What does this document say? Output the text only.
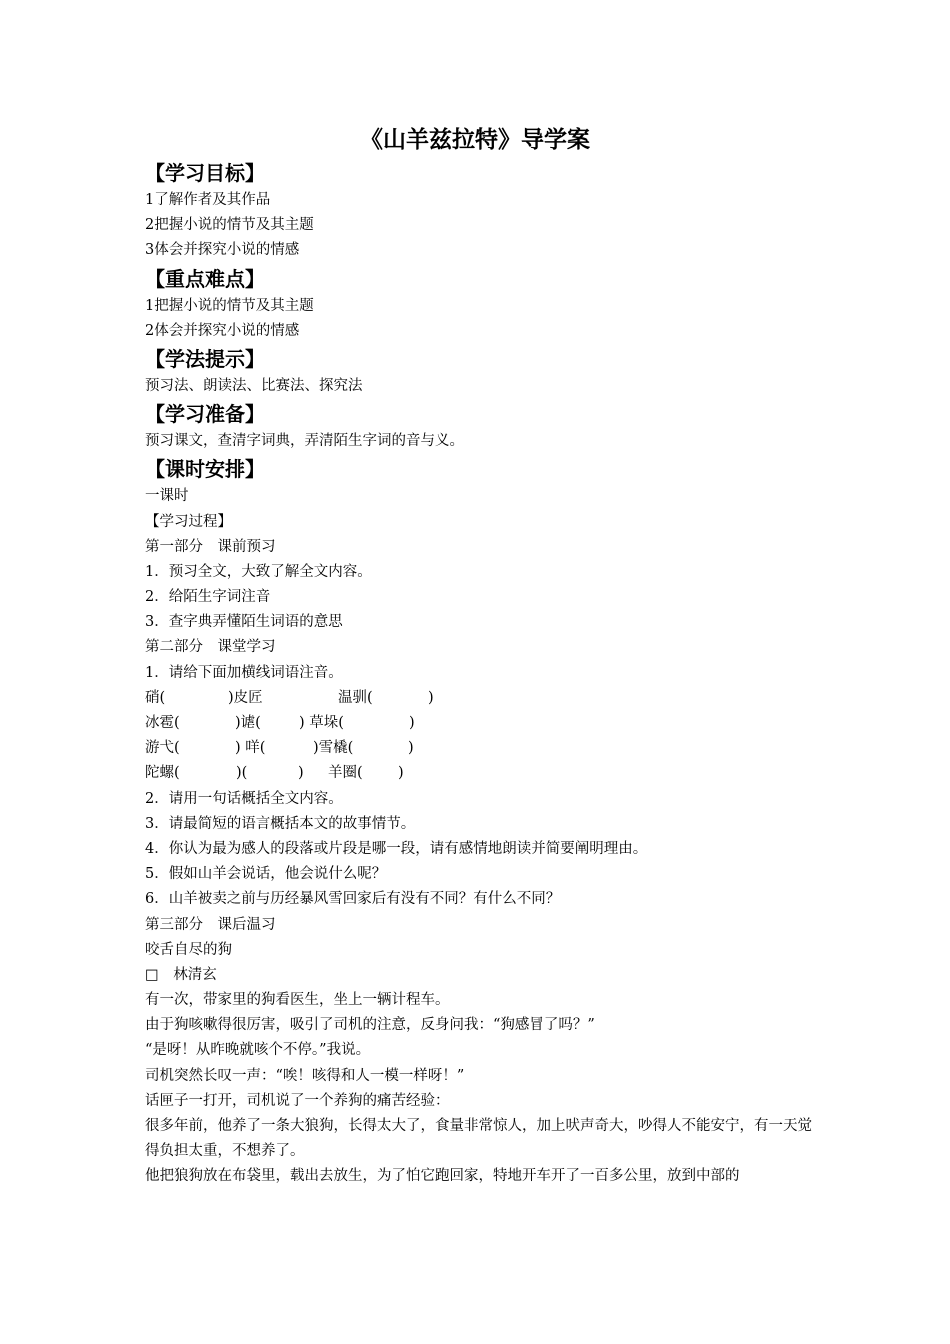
《山羊兹拉特》导学案
【学习目标】
1了解作者及其作品
2把握小说的情节及其主题
3体会并探究小说的情感
【重点难点】
1把握小说的情节及其主题
2体会并探究小说的情感
【学法提示】
预习法、朗读法、比赛法、探究法
【学习准备】
预习课文，查清字词典，弄清陌生字词的音与义。
【课时安排】
一课时
【学习过程】
第一部分　课前预习
1．预习全文，大致了解全文内容。
2．给陌生字词注音
3．查字典弄懂陌生词语的意思
第二部分　课堂学习
1．请给下面加横线词语注音。
硝(	)皮匠	温驯(	)
冰雹(	)谑(	) 草垛(	)
游弋(	) 咩(	)雪橇(	)
陀螺(	)(	) 羊圈( )
2．请用一句话概括全文内容。
3．请最简短的语言概括本文的故事情节。
4．你认为最为感人的段落或片段是哪一段，请有感情地朗读并简要阐明理由。
5．假如山羊会说话，他会说什么呢？
6．山羊被卖之前与历经暴风雪回家后有没有不同？有什么不同？
第三部分　课后温习
咬舌自尽的狗
□　林清玄
有一次，带家里的狗看医生，坐上一辆计程车。
由于狗咳嗽得很厉害，吸引了司机的注意，反身问我：“狗感冒了吗？”
“是呀！从昨晚就咳个不停。”我说。
司机突然长叹一声：“唉！咳得和人一模一样呀！”
话匣子一打开，司机说了一个养狗的痛苦经验：
很多年前，他养了一条大狼狗，长得太大了，食量非常惊人，加上吠声奇大，吵得人不能安宁，有一天觉得负担太重，不想养了。
他把狼狗放在布袋里，载出去放生，为了怕它跑回家，特地开车开了一百多公里，放到中部的
